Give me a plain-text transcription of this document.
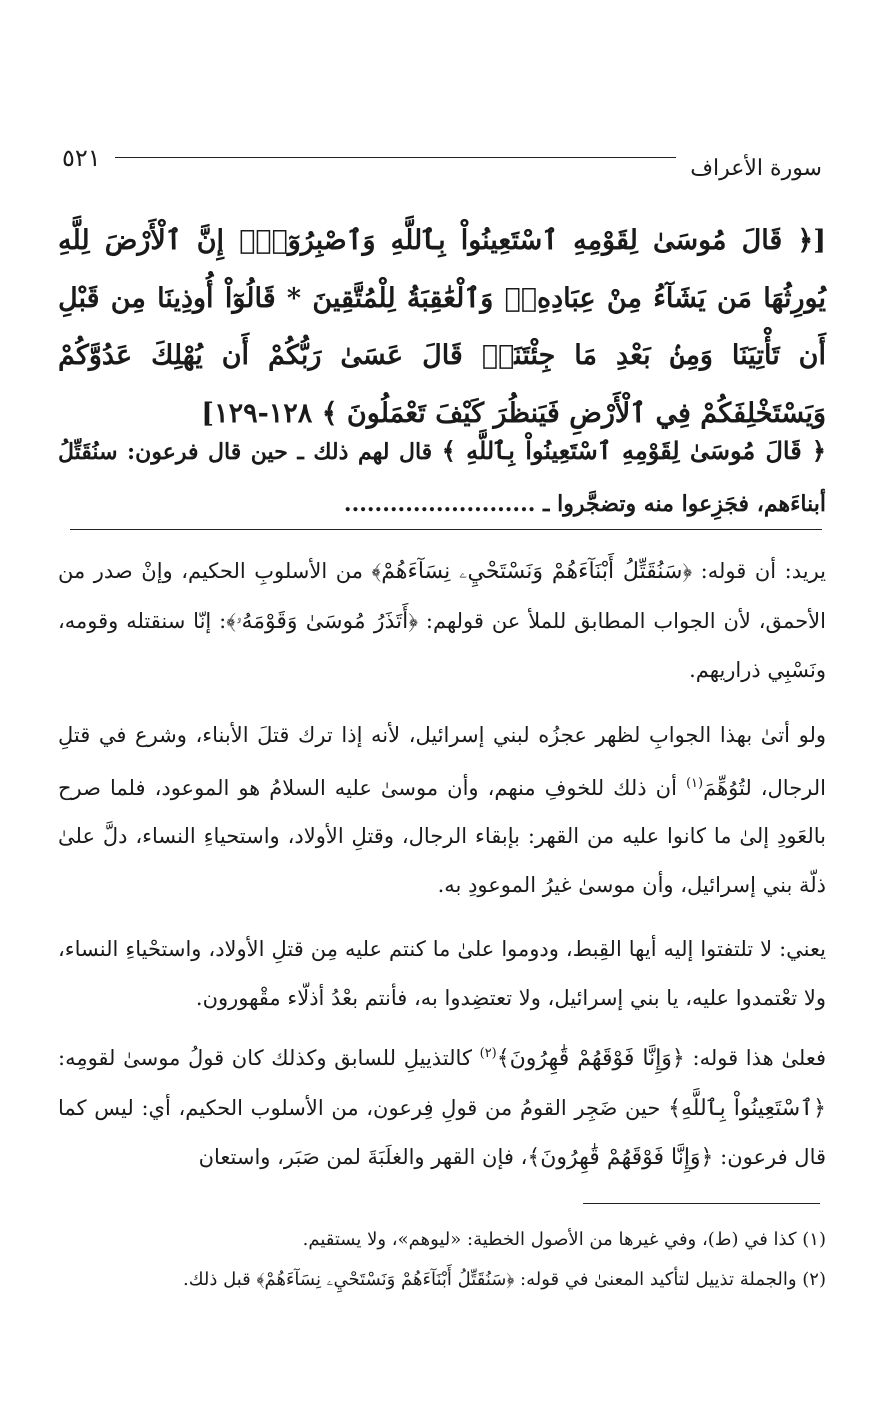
سورة الأعراف
٥٢١
[﴿ قَالَ مُوسَىٰ لِقَوْمِهِ ٱسْتَعِينُواْ بِٱللَّهِ وَٱصْبِرُوٓاْۖ إِنَّ ٱلْأَرْضَ لِلَّهِ يُورِثُهَا مَن يَشَآءُ مِنْ عِبَادِهِۦۖ وَٱلْعَٰقِبَةُ لِلْمُتَّقِينَ * قَالُوٓاْ أُوذِينَا مِن قَبْلِ أَن تَأْتِيَنَا وَمِنۢ بَعْدِ مَا جِئْتَنَاۚ قَالَ عَسَىٰ رَبُّكُمْ أَن يُهْلِكَ عَدُوَّكُمْ وَيَسْتَخْلِفَكُمْ فِي ٱلْأَرْضِ فَيَنظُرَ كَيْفَ تَعْمَلُونَ ﴾ ١٢٨-١٢٩]
﴿ قَالَ مُوسَىٰ لِقَوْمِهِ ٱسْتَعِينُواْ بِٱللَّهِ ﴾ قال لهم ذلك ـ حين قال فرعون: سنُقَتِّلُ أبناءَهم، فجَزِعوا منه وتضجَّروا ـ .........................

يريد: أن قوله: ﴿سَنُقَتِّلُ أَبْنَآءَهُمْ وَنَسْتَحْيِۦ نِسَآءَهُمْ﴾ من الأسلوبِ الحكيم، وإنْ صدر من الأحمق، لأن الجواب المطابق للملأ عن قولهم: ﴿أَتَذَرُ مُوسَىٰ وَقَوْمَهُۥ﴾: إنّا سنقتله وقومه، ونَسْبِي ذراريهم.

ولو أتىٰ بهذا الجوابِ لظهر عجزُه لبني إسرائيل، لأنه إذا ترك قتلَ الأبناء، وشرع في قتلِ الرجال، لتُوُهِّمَ$^{(١)}$ أن ذلك للخوفِ منهم، وأن موسىٰ عليه السلامُ هو الموعود، فلما صرح بالعَودِ إلىٰ ما كانوا عليه من القهر: بإبقاء الرجال، وقتلِ الأولاد، واستحياءِ النساء، دلَّ علىٰ ذلّة بني إسرائيل، وأن موسىٰ غيرُ الموعودِ به.

يعني: لا تلتفتوا إليه أيها القِبط، ودوموا علىٰ ما كنتم عليه مِن قتلِ الأولاد، واستحْياءِ النساء، ولا تعْتمدوا عليه، يا بني إسرائيل، ولا تعتضِدوا به، فأنتم بعْدُ أذلّاء مقْهورون.

فعلىٰ هذا قوله: ﴿وَإِنَّا فَوْقَهُمْ قَٰهِرُونَ﴾$^{(٢)}$ كالتذييلِ للسابق وكذلك كان قولُ موسىٰ لقومِه: ﴿ٱسْتَعِينُواْ بِٱللَّهِ﴾ حين ضَجِر القومُ من قولِ فِرعون، من الأسلوب الحكيم، أي: ليس كما قال فرعون: ﴿وَإِنَّا فَوْقَهُمْ قَٰهِرُونَ﴾، فإن القهر والغلَبَةَ لمن صَبَر، واستعان

(١) كذا في (ط)، وفي غيرها من الأصول الخطية: «ليوهم»، ولا يستقيم.

(٢) والجملة تذييل لتأكيد المعنىٰ في قوله: ﴿سَنُقَتِّلُ أَبْنَآءَهُمْ وَنَسْتَحْيِۦ نِسَآءَهُمْ﴾ قبل ذلك.
